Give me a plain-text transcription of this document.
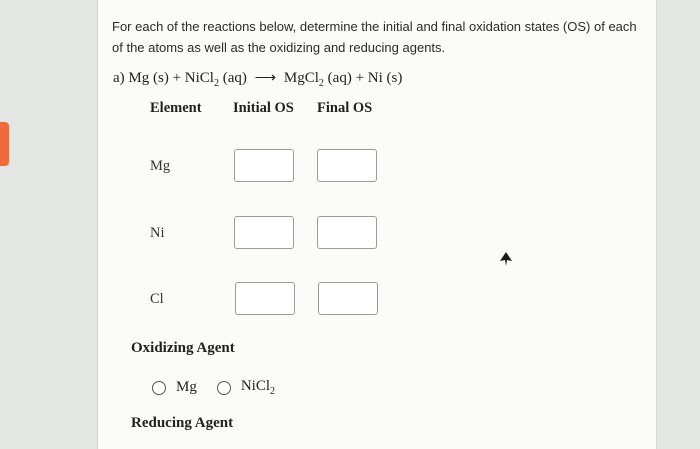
For each of the reactions below, determine the initial and final oxidation states (OS) of each of the atoms as well as the oxidizing and reducing agents.
a) Mg (s) + NiCl$_2$ (aq) ⟶ MgCl$_2$ (aq) + Ni (s)
Element Initial OS Final OS
Mg
Ni
Cl
Oxidizing Agent
Mg	NiCl$_2$
Reducing Agent
